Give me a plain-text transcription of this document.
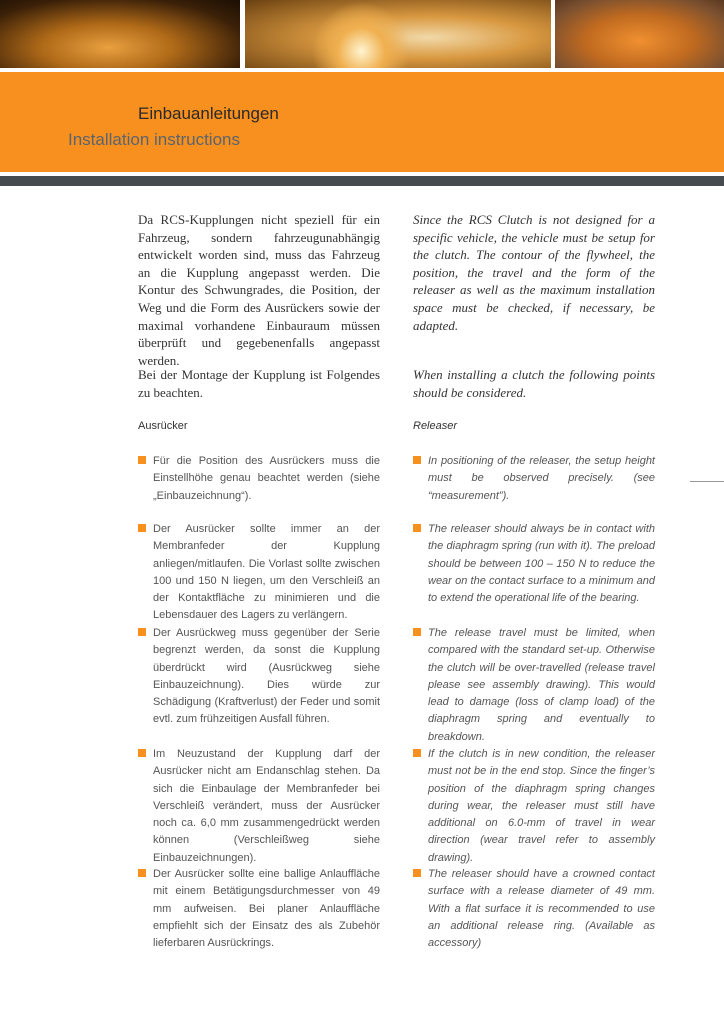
Einbauanleitungen
Installation instructions
Da RCS-Kupplungen nicht speziell für ein Fahrzeug, sondern fahrzeugunabhängig entwickelt worden sind, muss das Fahrzeug an die Kupplung angepasst werden. Die Kontur des Schwungrades, die Position, der Weg und die Form des Ausrückers sowie der maximal vorhandene Einbauraum müssen überprüft und gegebenenfalls angepasst werden.
Bei der Montage der Kupplung ist Folgendes zu beachten.
Ausrücker
Since the RCS Clutch is not designed for a specific vehicle, the vehicle must be setup for the clutch. The contour of the flywheel, the position, the travel and the form of the releaser as well as the maximum installation space must be checked, if necessary, be adapted.
When installing a clutch the following points should be considered.
Releaser
Für die Position des Ausrückers muss die Einstellhöhe genau beachtet werden (siehe „Einbauzeichnung“).
Der Ausrücker sollte immer an der Membranfeder der Kupplung anliegen/mitlaufen. Die Vorlast sollte zwischen 100 und 150 N liegen, um den Verschleiß an der Kontaktfläche zu minimieren und die Lebensdauer des Lagers zu verlängern.
Der Ausrückweg muss gegenüber der Serie begrenzt werden, da sonst die Kupplung überdrückt wird (Ausrückweg siehe Einbauzeichnung). Dies würde zur Schädigung (Kraftverlust) der Feder und somit evtl. zum frühzeitigen Ausfall führen.
Im Neuzustand der Kupplung darf der Ausrücker nicht am Endanschlag stehen. Da sich die Einbaulage der Membranfeder bei Verschleiß verändert, muss der Ausrücker noch ca. 6,0 mm zusammengedrückt werden können (Verschleißweg siehe Einbauzeichnungen).
Der Ausrücker sollte eine ballige Anlauffläche mit einem Betätigungsdurchmesser von 49 mm aufweisen. Bei planer Anlauffläche empfiehlt sich der Einsatz des als Zubehör lieferbaren Ausrückrings.
In positioning of the releaser, the setup height must be observed precisely. (see “measurement”).
The releaser should always be in contact with the diaphragm spring (run with it). The preload should be between 100 – 150 N to reduce the wear on the contact surface to a minimum and to extend the operational life of the bearing.
The release travel must be limited, when compared with the standard set-up. Otherwise the clutch will be over-travelled (release travel please see assembly drawing). This would lead to damage (loss of clamp load) of the diaphragm spring and eventually to breakdown.
If the clutch is in new condition, the releaser must not be in the end stop. Since the finger’s position of the diaphragm spring changes during wear, the releaser must still have additional on 6.0-mm of travel in wear direction (wear travel refer to assembly drawing).
The releaser should have a crowned contact surface with a release diameter of 49 mm. With a flat surface it is recommended to use an additional release ring. (Available as accessory)
